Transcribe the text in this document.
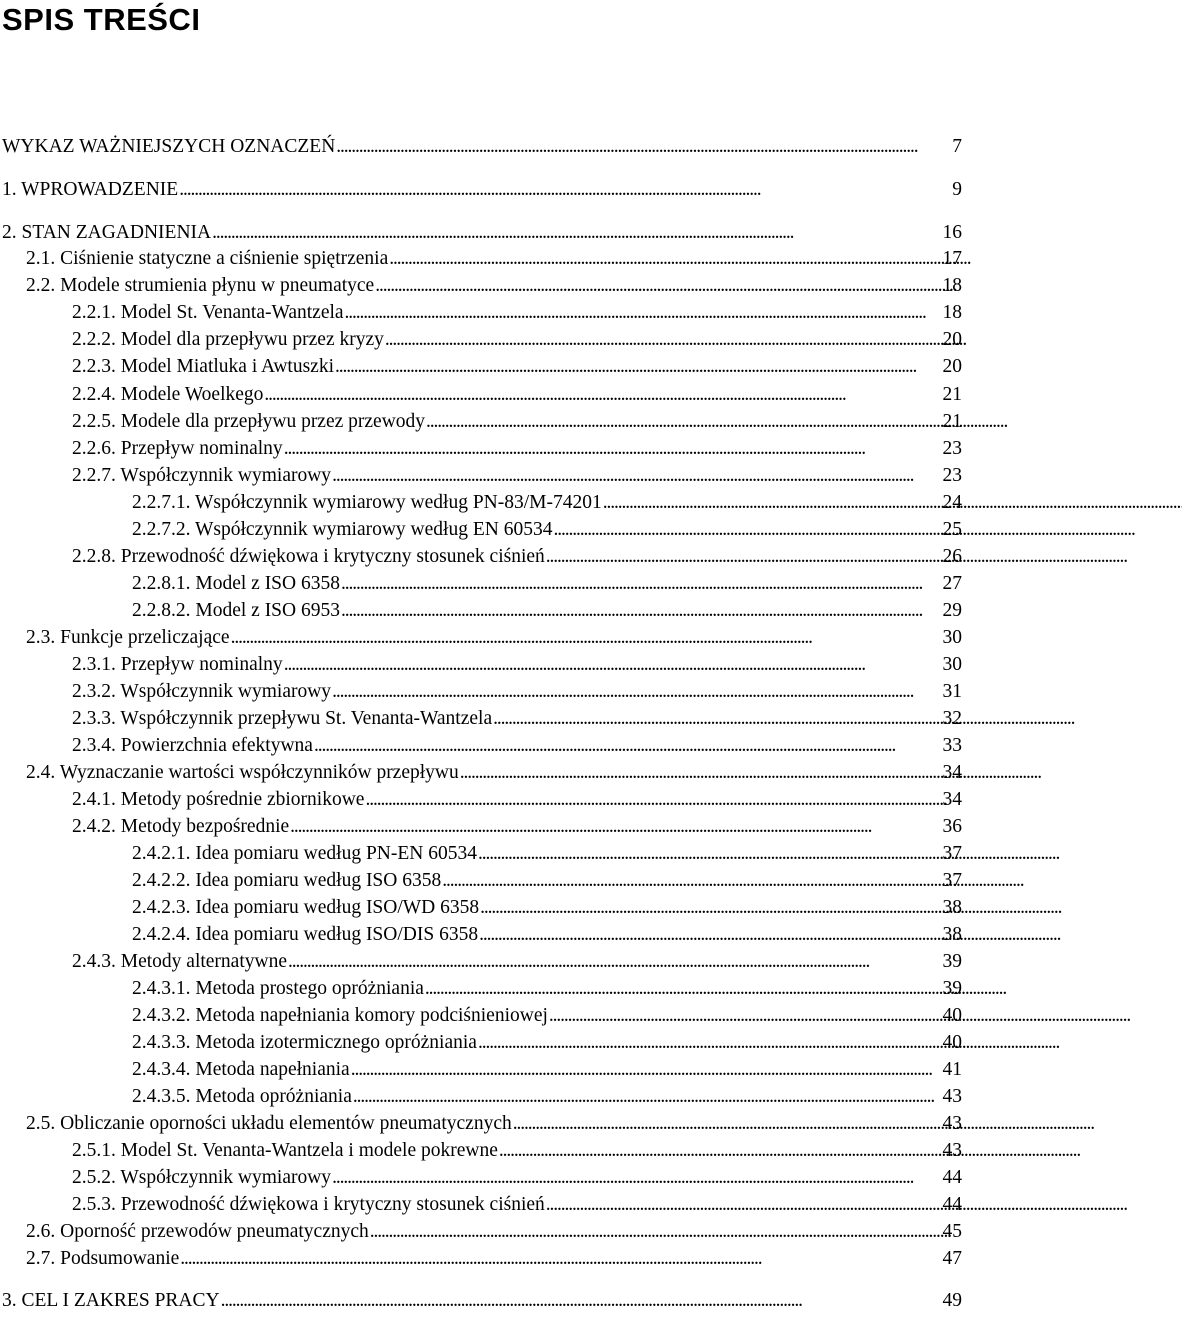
SPIS TREŚCI
WYKAZ WAŻNIEJSZYCH OZNACZEŃ . . .	7
1. WPROWADZENIE . . .	9
2. STAN ZAGADNIENIA . . .	16
2.1. Ciśnienie statyczne a ciśnienie spiętrzenia . . .	17
2.2. Modele strumienia płynu w pneumatyce . . .	18
2.2.1. Model St. Venanta-Wantzela . . .	18
2.2.2. Model dla przepływu przez kryzy . . .	20
2.2.3. Model Miatluka i Awtuszki . . .	20
2.2.4. Modele Woelkego . . .	21
2.2.5. Modele dla przepływu przez przewody . . .	21
2.2.6. Przepływ nominalny . . .	23
2.2.7. Współczynnik wymiarowy . . .	23
2.2.7.1. Współczynnik wymiarowy według PN-83/M-74201 . . .	24
2.2.7.2. Współczynnik wymiarowy według EN 60534 . . .	25
2.2.8. Przewodność dźwiękowa i krytyczny stosunek ciśnień . . .	26
2.2.8.1. Model z ISO 6358 . . .	27
2.2.8.2. Model z ISO 6953 . . .	29
2.3. Funkcje przeliczające . . .	30
2.3.1. Przepływ nominalny . . .	30
2.3.2. Współczynnik wymiarowy . . .	31
2.3.3. Współczynnik przepływu St. Venanta-Wantzela . . .	32
2.3.4. Powierzchnia efektywna . . .	33
2.4. Wyznaczanie wartości współczynników przepływu . . .	34
2.4.1. Metody pośrednie zbiornikowe . . .	34
2.4.2. Metody bezpośrednie . . .	36
2.4.2.1. Idea pomiaru według PN-EN 60534 . . .	37
2.4.2.2. Idea pomiaru według ISO 6358 . . .	37
2.4.2.3. Idea pomiaru według ISO/WD 6358 . . .	38
2.4.2.4. Idea pomiaru według ISO/DIS 6358 . . .	38
2.4.3. Metody alternatywne . . .	39
2.4.3.1. Metoda prostego opróżniania . . .	39
2.4.3.2. Metoda napełniania komory podciśnieniowej . . .	40
2.4.3.3. Metoda izotermicznego opróżniania . . .	40
2.4.3.4. Metoda napełniania . . .	41
2.4.3.5. Metoda opróżniania . . .	43
2.5. Obliczanie oporności układu elementów pneumatycznych . . .	43
2.5.1. Model St. Venanta-Wantzela i modele pokrewne . . .	43
2.5.2. Współczynnik wymiarowy . . .	44
2.5.3. Przewodność dźwiękowa i krytyczny stosunek ciśnień . . .	44
2.6. Oporność przewodów pneumatycznych . . .	45
2.7. Podsumowanie . . .	47
3. CEL I ZAKRES PRACY . . .	49
